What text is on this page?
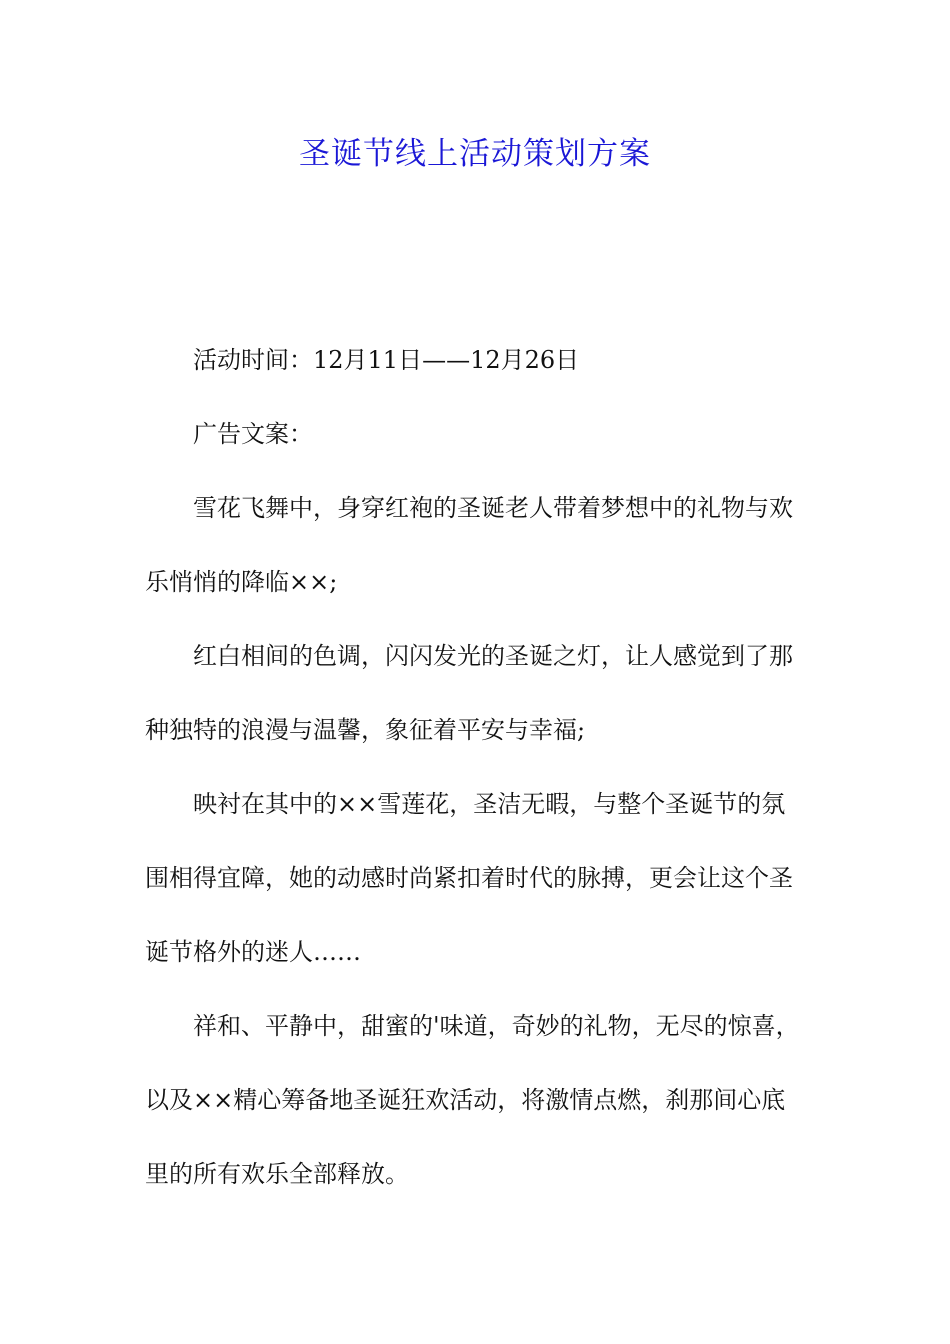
圣诞节线上活动策划方案
活动时间：12月11日——12月26日
广告文案：
雪花飞舞中，身穿红袍的圣诞老人带着梦想中的礼物与欢
乐悄悄的降临××;
红白相间的色调，闪闪发光的圣诞之灯，让人感觉到了那
种独特的浪漫与温馨，象征着平安与幸福;
映衬在其中的××雪莲花，圣洁无暇，与整个圣诞节的氛
围相得宜障，她的动感时尚紧扣着时代的脉搏，更会让这个圣
诞节格外的迷人……
祥和、平静中，甜蜜的'味道，奇妙的礼物，无尽的惊喜，
以及××精心筹备地圣诞狂欢活动，将激情点燃，刹那间心底
里的所有欢乐全部释放。
